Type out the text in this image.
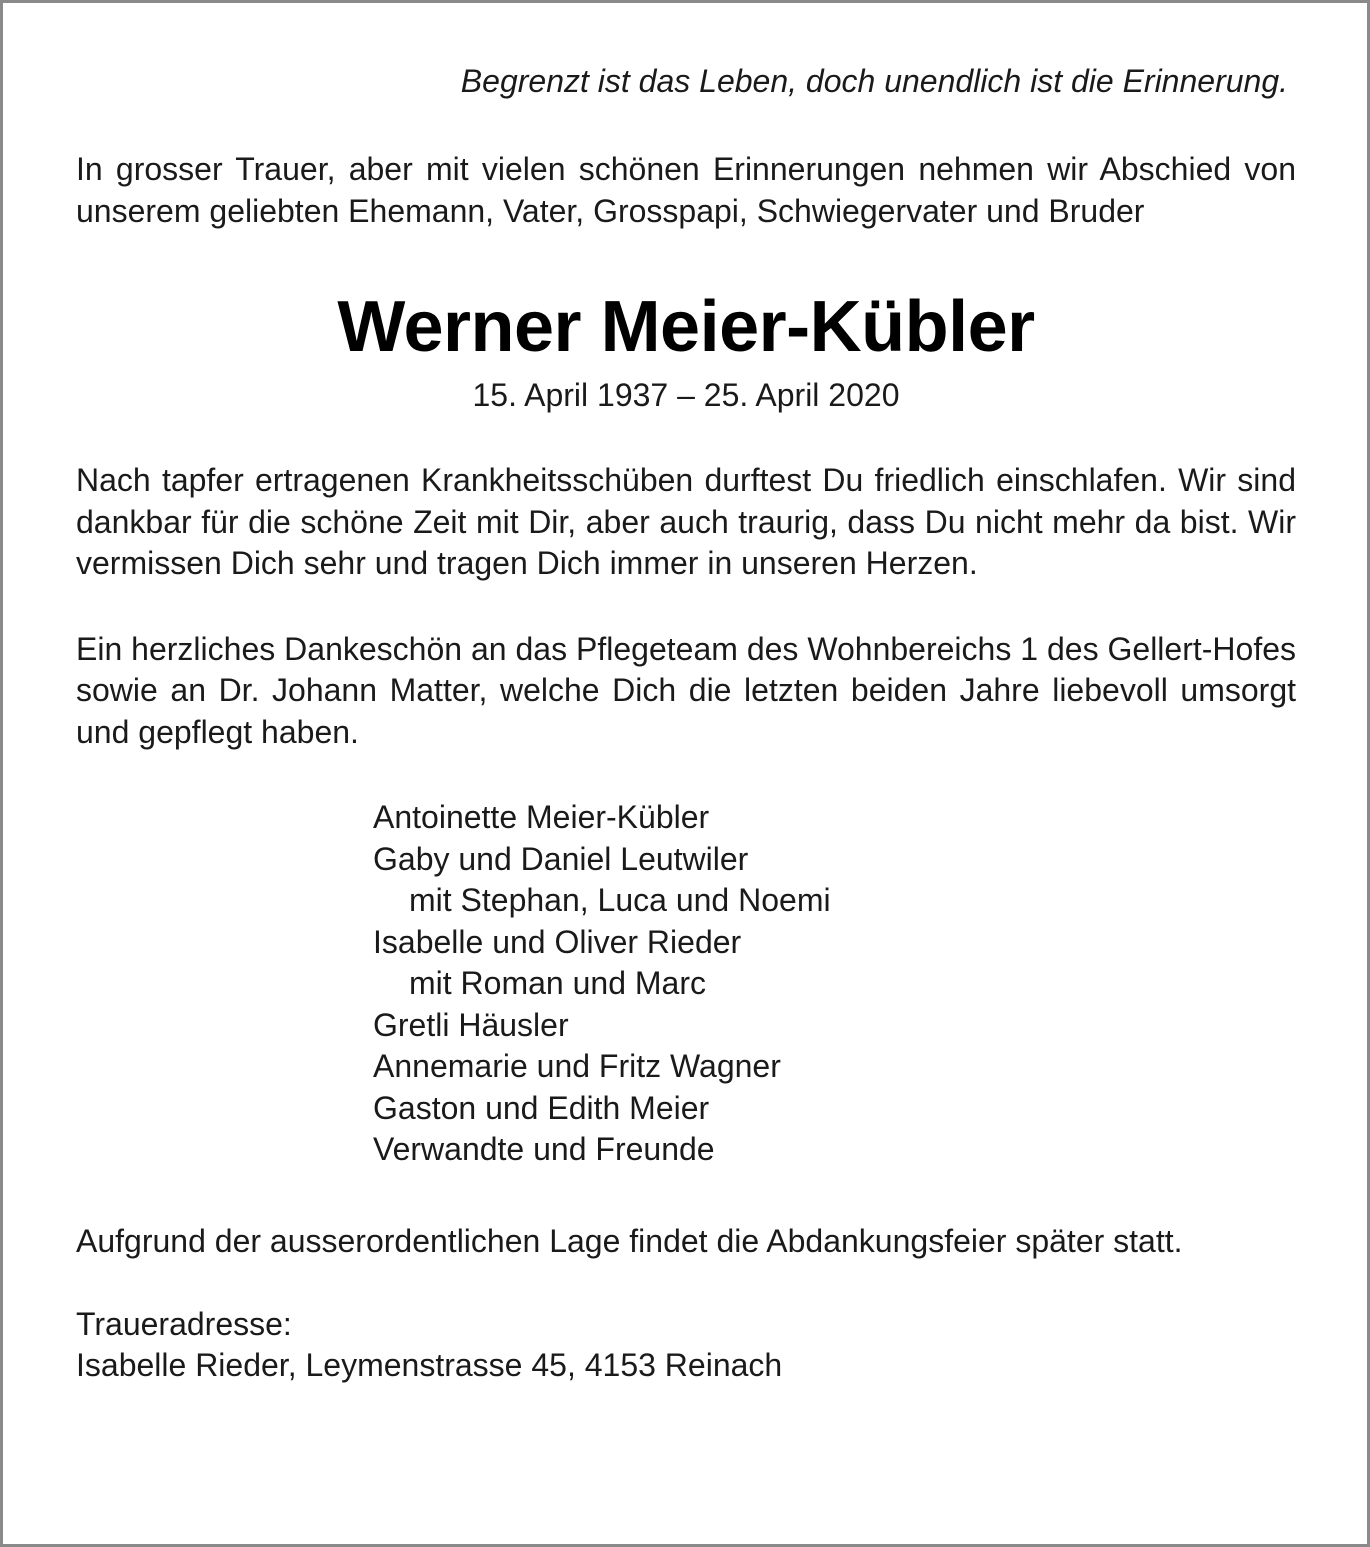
Begrenzt ist das Leben, doch unendlich ist die Erinnerung.

In grosser Trauer, aber mit vielen schönen Erinnerungen nehmen wir Abschied von unserem geliebten Ehemann, Vater, Grosspapi, Schwiegervater und Bruder

Werner Meier-Kübler

15. April 1937 – 25. April 2020

Nach tapfer ertragenen Krankheitsschüben durftest Du friedlich einschlafen. Wir sind dankbar für die schöne Zeit mit Dir, aber auch traurig, dass Du nicht mehr da bist. Wir vermissen Dich sehr und tragen Dich immer in unseren Herzen.

Ein herzliches Dankeschön an das Pflegeteam des Wohnbereichs 1 des Gellert-Hofes sowie an Dr. Johann Matter, welche Dich die letzten beiden Jahre liebevoll umsorgt und gepflegt haben.

Antoinette Meier-Kübler
Gaby und Daniel Leutwiler
mit Stephan, Luca und Noemi
Isabelle und Oliver Rieder
mit Roman und Marc
Gretli Häusler
Annemarie und Fritz Wagner
Gaston und Edith Meier
Verwandte und Freunde

Aufgrund der ausserordentlichen Lage findet die Abdankungsfeier später statt.

Traueradresse:
Isabelle Rieder, Leymenstrasse 45, 4153 Reinach
